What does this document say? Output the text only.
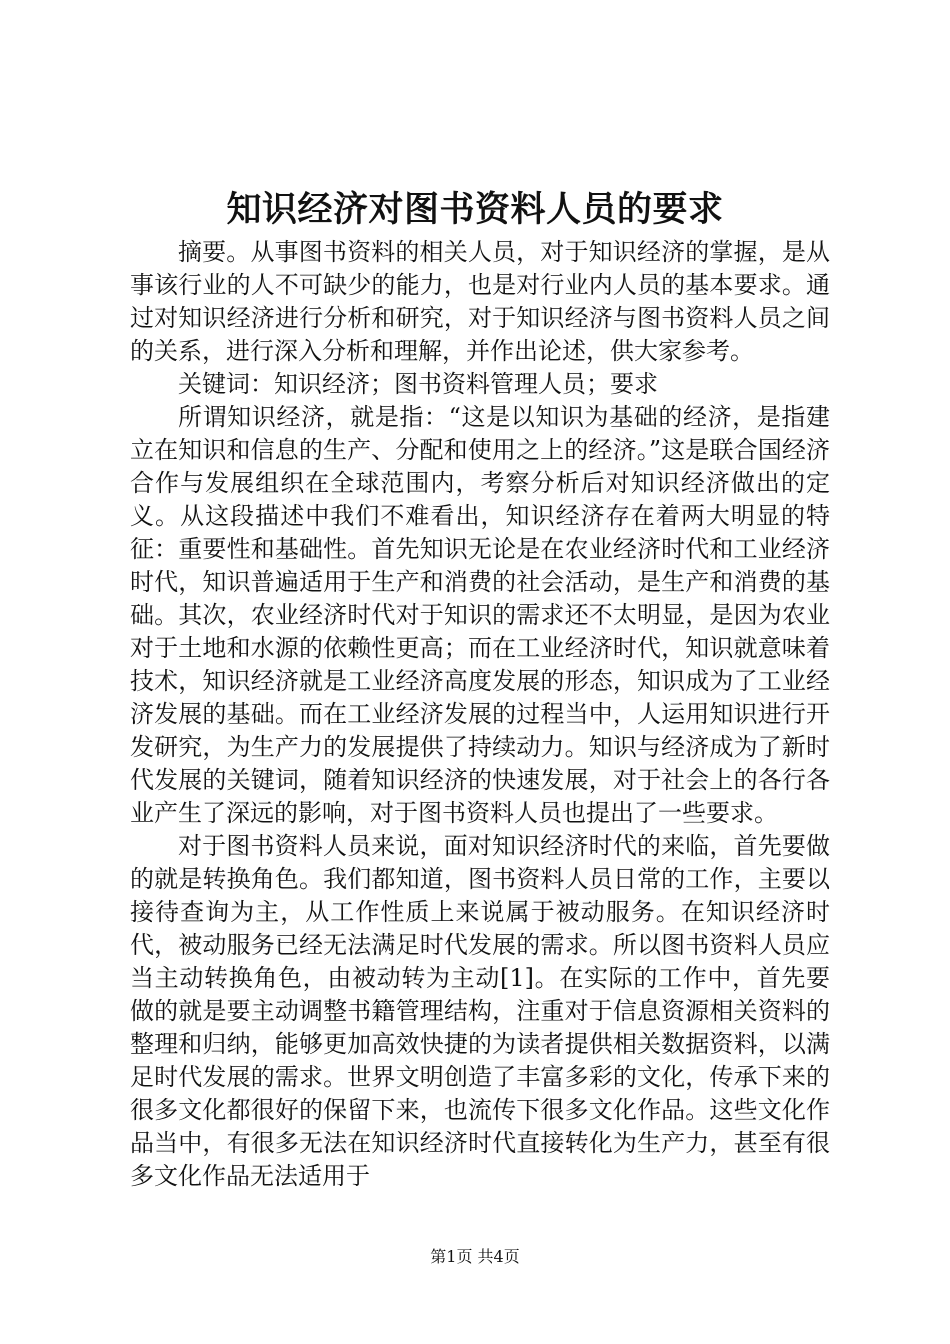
知识经济对图书资料人员的要求

摘要。从事图书资料的相关人员，对于知识经济的掌握，是从事该行业的人不可缺少的能力，也是对行业内人员的基本要求。通过对知识经济进行分析和研究，对于知识经济与图书资料人员之间的关系，进行深入分析和理解，并作出论述，供大家参考。

关键词：知识经济；图书资料管理人员；要求

所谓知识经济，就是指：“这是以知识为基础的经济，是指建立在知识和信息的生产、分配和使用之上的经济。”这是联合国经济合作与发展组织在全球范围内，考察分析后对知识经济做出的定义。从这段描述中我们不难看出，知识经济存在着两大明显的特征：重要性和基础性。首先知识无论是在农业经济时代和工业经济时代，知识普遍适用于生产和消费的社会活动，是生产和消费的基础。其次，农业经济时代对于知识的需求还不太明显，是因为农业对于土地和水源的依赖性更高；而在工业经济时代，知识就意味着技术，知识经济就是工业经济高度发展的形态，知识成为了工业经济发展的基础。而在工业经济发展的过程当中，人运用知识进行开发研究，为生产力的发展提供了持续动力。知识与经济成为了新时代发展的关键词，随着知识经济的快速发展，对于社会上的各行各业产生了深远的影响，对于图书资料人员也提出了一些要求。

对于图书资料人员来说，面对知识经济时代的来临，首先要做的就是转换角色。我们都知道，图书资料人员日常的工作，主要以接待查询为主，从工作性质上来说属于被动服务。在知识经济时代，被动服务已经无法满足时代发展的需求。所以图书资料人员应当主动转换角色，由被动转为主动[1]。在实际的工作中，首先要做的就是要主动调整书籍管理结构，注重对于信息资源相关资料的整理和归纳，能够更加高效快捷的为读者提供相关数据资料，以满足时代发展的需求。世界文明创造了丰富多彩的文化，传承下来的很多文化都很好的保留下来，也流传下很多文化作品。这些文化作品当中，有很多无法在知识经济时代直接转化为生产力，甚至有很多文化作品无法适用于

第1页 共4页
